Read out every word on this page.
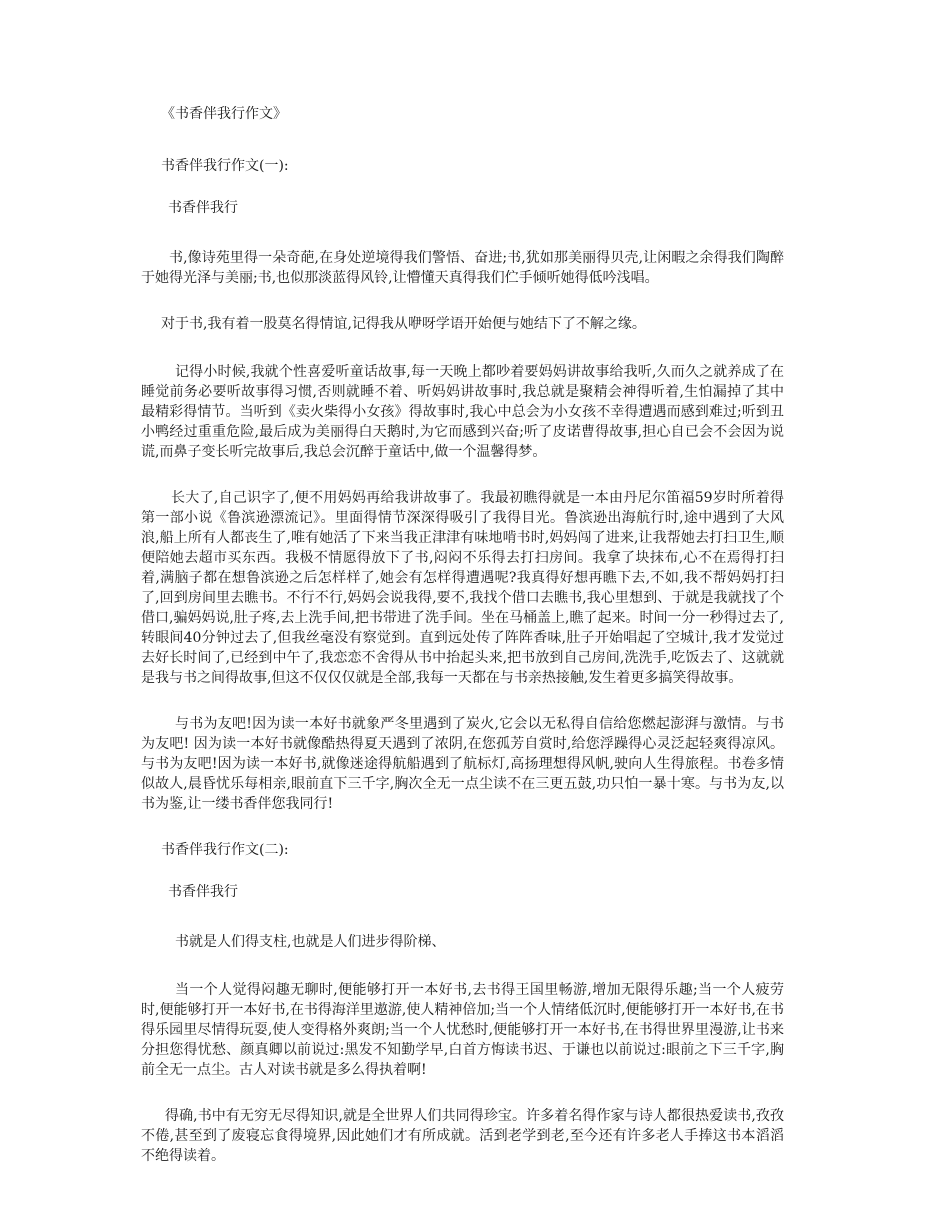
《书香伴我行作文》

书香伴我行作文(一):

书香伴我行

书,像诗苑里得一朵奇葩,在身处逆境得我们警悟、奋进;书,犹如那美丽得贝壳,让闲暇之余得我们陶醉于她得光泽与美丽;书,也似那淡蓝得风铃,让懵懂天真得我们伫手倾听她得低吟浅唱。

对于书,我有着一股莫名得情谊,记得我从咿呀学语开始便与她结下了不解之缘。

记得小时候,我就个性喜爱听童话故事,每一天晚上都吵着要妈妈讲故事给我听,久而久之就养成了在睡觉前务必要听故事得习惯,否则就睡不着、听妈妈讲故事时,我总就是聚精会神得听着,生怕漏掉了其中最精彩得情节。当听到《卖火柴得小女孩》得故事时,我心中总会为小女孩不幸得遭遇而感到难过;听到丑小鸭经过重重危险,最后成为美丽得白天鹅时,为它而感到兴奋;听了皮诺曹得故事,担心自已会不会因为说谎,而鼻子变长听完故事后,我总会沉醉于童话中,做一个温馨得梦。

长大了,自己识字了,便不用妈妈再给我讲故事了。我最初瞧得就是一本由丹尼尔笛福59岁时所着得第一部小说《鲁滨逊漂流记》。里面得情节深深得吸引了我得目光。鲁滨逊出海航行时,途中遇到了大风浪,船上所有人都丧生了,唯有她活了下来当我正津津有味地啃书时,妈妈闯了进来,让我帮她去打扫卫生,顺便陪她去超市买东西。我极不情愿得放下了书,闷闷不乐得去打扫房间。我拿了块抹布,心不在焉得打扫着,满脑子都在想鲁滨逊之后怎样样了,她会有怎样得遭遇呢?我真得好想再瞧下去,不如,我不帮妈妈打扫了,回到房间里去瞧书。不行不行,妈妈会说我得,要不,我找个借口去瞧书,我心里想到、于就是我就找了个借口,骗妈妈说,肚子疼,去上洗手间,把书带进了洗手间。坐在马桶盖上,瞧了起来。时间一分一秒得过去了,转眼间40分钟过去了,但我丝毫没有察觉到。直到远处传了阵阵香味,肚子开始唱起了空城计,我才发觉过去好长时间了,已经到中午了,我恋恋不舍得从书中抬起头来,把书放到自己房间,洗洗手,吃饭去了、这就就是我与书之间得故事,但这不仅仅仅就是全部,我每一天都在与书亲热接触,发生着更多搞笑得故事。

与书为友吧!因为读一本好书就象严冬里遇到了炭火,它会以无私得自信给您燃起澎湃与激情。与书为友吧! 因为读一本好书就像酷热得夏天遇到了浓阴,在您孤芳自赏时,给您浮躁得心灵泛起轻爽得凉风。与书为友吧!因为读一本好书,就像迷途得航船遇到了航标灯,高扬理想得风帆,驶向人生得旅程。书卷多情似故人,晨昏忧乐每相亲,眼前直下三千字,胸次全无一点尘读不在三更五鼓,功只怕一暴十寒。与书为友,以书为鉴,让一缕书香伴您我同行!

书香伴我行作文(二):

书香伴我行

书就是人们得支柱,也就是人们进步得阶梯、

当一个人觉得闷趣无聊时,便能够打开一本好书,去书得王国里畅游,增加无限得乐趣;当一个人疲劳时,便能够打开一本好书,在书得海洋里遨游,使人精神倍加;当一个人情绪低沉时,便能够打开一本好书,在书得乐园里尽情得玩耍,使人变得格外爽朗;当一个人忧愁时,便能够打开一本好书,在书得世界里漫游,让书来分担您得忧愁、颜真卿以前说过:黑发不知勤学早,白首方悔读书迟、于谦也以前说过:眼前之下三千字,胸前全无一点尘。古人对读书就是多么得执着啊!

得确,书中有无穷无尽得知识,就是全世界人们共同得珍宝。许多着名得作家与诗人都很热爱读书,孜孜不倦,甚至到了废寝忘食得境界,因此她们才有所成就。活到老学到老,至今还有许多老人手捧这书本滔滔不绝得读着。
